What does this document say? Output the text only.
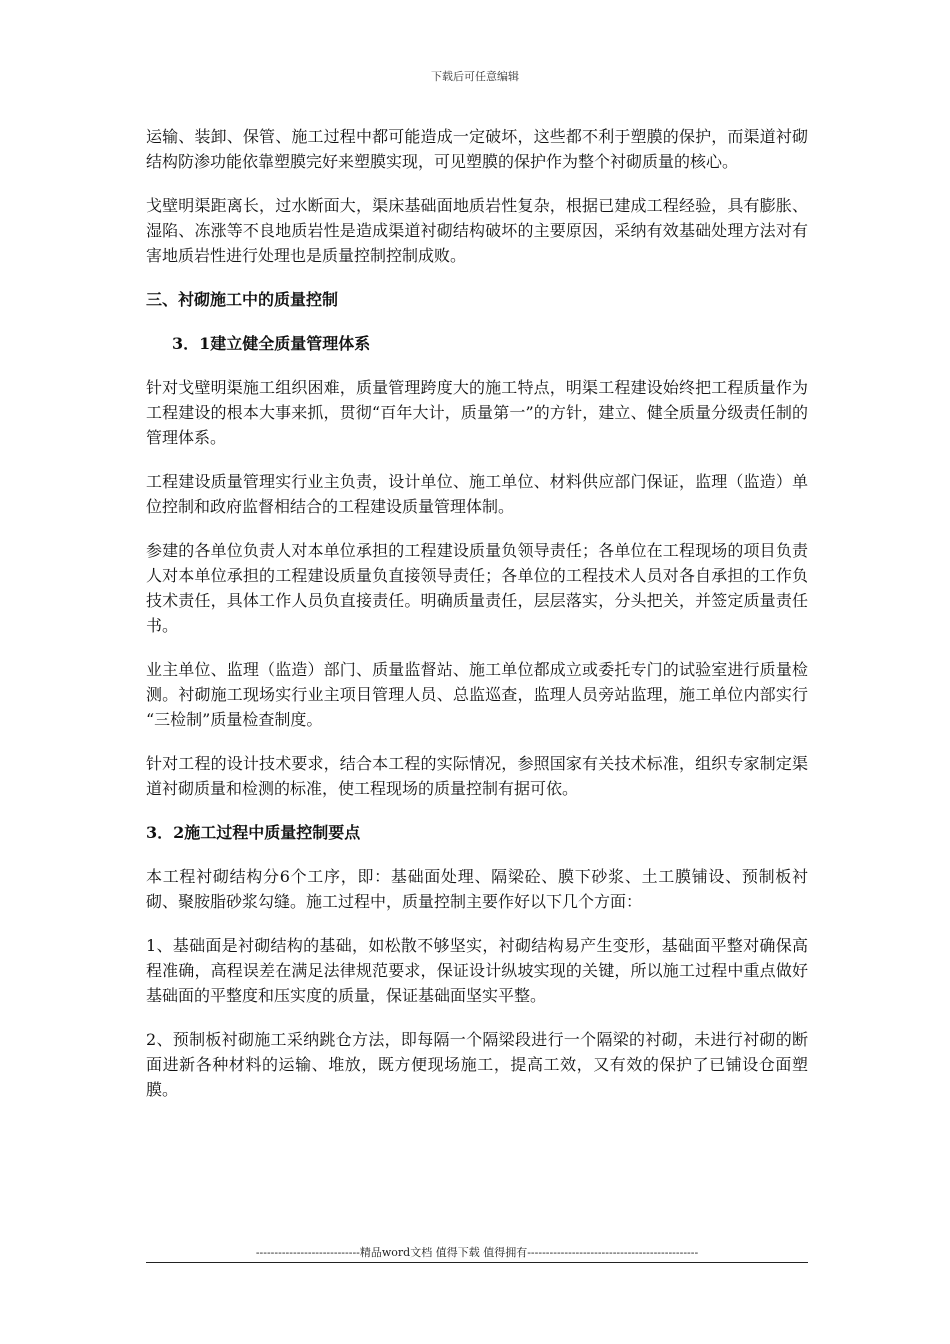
下载后可任意编辑

运输、装卸、保管、施工过程中都可能造成一定破坏，这些都不利于塑膜的保护，而渠道衬砌结构防渗功能依靠塑膜完好来塑膜实现，可见塑膜的保护作为整个衬砌质量的核心。

戈壁明渠距离长，过水断面大，渠床基础面地质岩性复杂，根据已建成工程经验，具有膨胀、湿陷、冻涨等不良地质岩性是造成渠道衬砌结构破坏的主要原因，采纳有效基础处理方法对有害地质岩性进行处理也是质量控制控制成败。

三、衬砌施工中的质量控制

3．1建立健全质量管理体系

针对戈壁明渠施工组织困难，质量管理跨度大的施工特点，明渠工程建设始终把工程质量作为工程建设的根本大事来抓，贯彻“百年大计，质量第一”的方针，建立、健全质量分级责任制的管理体系。

工程建设质量管理实行业主负责，设计单位、施工单位、材料供应部门保证，监理（监造）单位控制和政府监督相结合的工程建设质量管理体制。

参建的各单位负责人对本单位承担的工程建设质量负领导责任；各单位在工程现场的项目负责人对本单位承担的工程建设质量负直接领导责任；各单位的工程技术人员对各自承担的工作负技术责任，具体工作人员负直接责任。明确质量责任，层层落实，分头把关，并签定质量责任书。

业主单位、监理（监造）部门、质量监督站、施工单位都成立或委托专门的试验室进行质量检测。衬砌施工现场实行业主项目管理人员、总监巡查，监理人员旁站监理，施工单位内部实行 “三检制”质量检查制度。

针对工程的设计技术要求，结合本工程的实际情况，参照国家有关技术标准，组织专家制定渠道衬砌质量和检测的标准，使工程现场的质量控制有据可依。

3．2施工过程中质量控制要点

本工程衬砌结构分6个工序，即：基础面处理、隔梁砼、膜下砂浆、土工膜铺设、预制板衬砌、聚胺脂砂浆勾缝。施工过程中，质量控制主要作好以下几个方面：

1、基础面是衬砌结构的基础，如松散不够坚实，衬砌结构易产生变形，基础面平整对确保高程准确，高程误差在满足法律规范要求，保证设计纵坡实现的关键，所以施工过程中重点做好基础面的平整度和压实度的质量，保证基础面坚实平整。

2、预制板衬砌施工采纳跳仓方法，即每隔一个隔梁段进行一个隔梁的衬砌，未进行衬砌的断面进新各种材料的运输、堆放，既方便现场施工，提高工效，又有效的保护了已铺设仓面塑膜。

----------------------------精品word文档 值得下载 值得拥有----------------------------------------------
